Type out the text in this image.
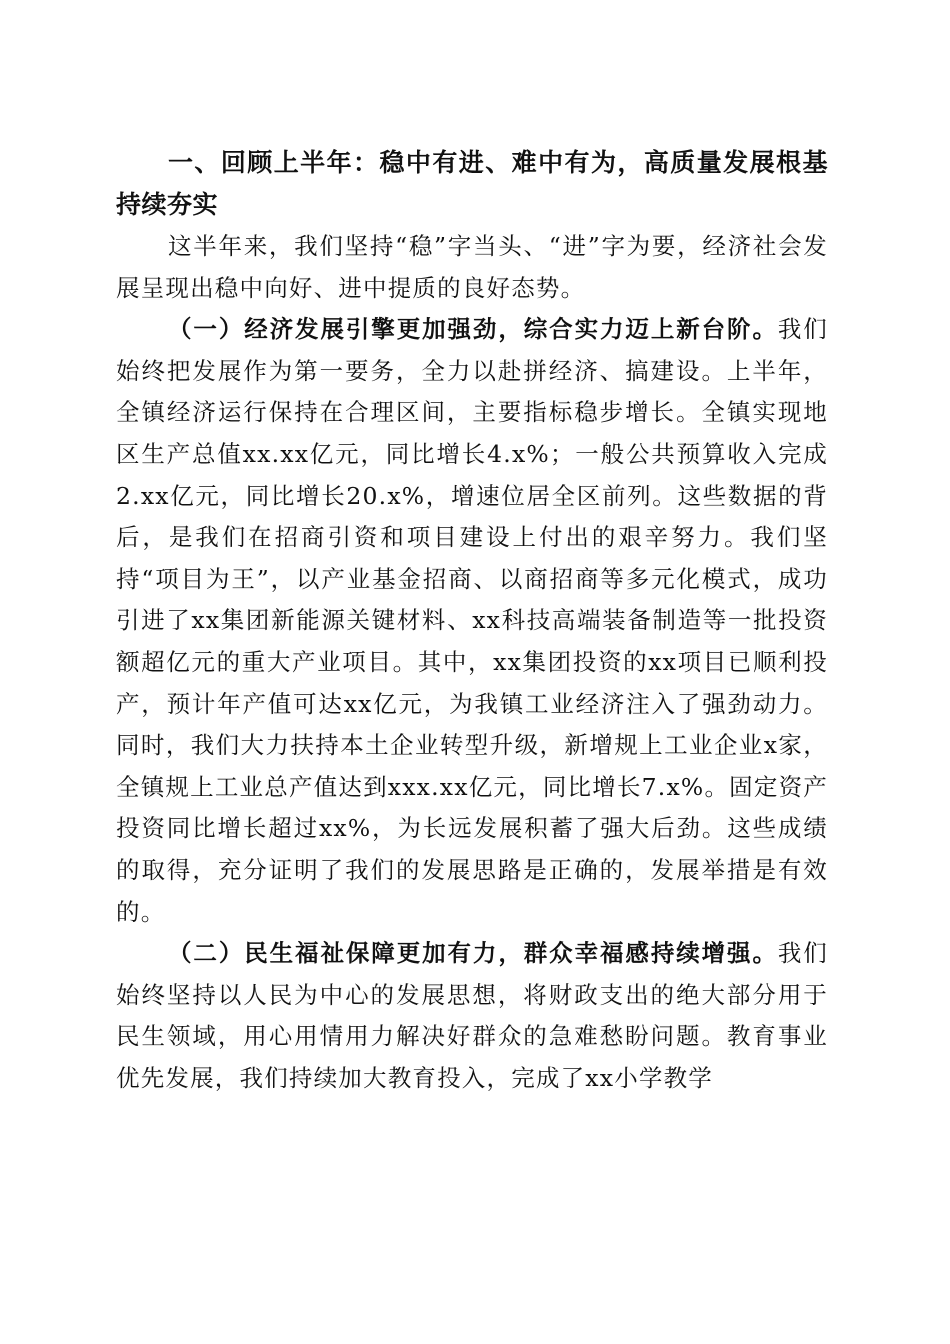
一、回顾上半年：稳中有进、难中有为，高质量发展根基持续夯实

这半年来，我们坚持“稳”字当头、“进”字为要，经济社会发展呈现出稳中向好、进中提质的良好态势。

（一）经济发展引擎更加强劲，综合实力迈上新台阶。我们始终把发展作为第一要务，全力以赴拼经济、搞建设。上半年，全镇经济运行保持在合理区间，主要指标稳步增长。全镇实现地区生产总值xx.xx亿元，同比增长4.x%；一般公共预算收入完成2.xx亿元，同比增长20.x%，增速位居全区前列。这些数据的背后，是我们在招商引资和项目建设上付出的艰辛努力。我们坚持“项目为王”，以产业基金招商、以商招商等多元化模式，成功引进了xx集团新能源关键材料、xx科技高端装备制造等一批投资额超亿元的重大产业项目。其中，xx集团投资的xx项目已顺利投产，预计年产值可达xx亿元，为我镇工业经济注入了强劲动力。同时，我们大力扶持本土企业转型升级，新增规上工业企业x家，全镇规上工业总产值达到xxx.xx亿元，同比增长7.x%。固定资产投资同比增长超过xx%，为长远发展积蓄了强大后劲。这些成绩的取得，充分证明了我们的发展思路是正确的，发展举措是有效的。

（二）民生福祉保障更加有力，群众幸福感持续增强。我们始终坚持以人民为中心的发展思想，将财政支出的绝大部分用于民生领域，用心用情用力解决好群众的急难愁盼问题。教育事业优先发展，我们持续加大教育投入，完成了xx小学教学
